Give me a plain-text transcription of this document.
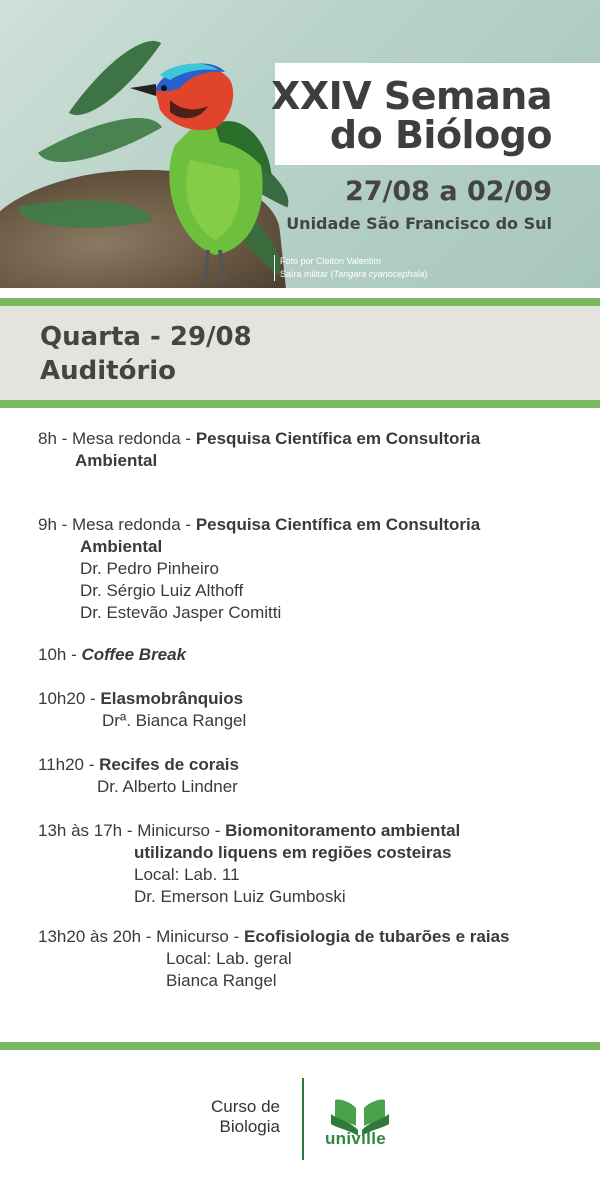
XXIV Semana
do Biólogo
27/08 a 02/09
Unidade São Francisco do Sul
Foto por Cleiton Valentim
Saíra militar (Tangara cyanocephala)
Quarta - 29/08
Auditório
8h - Mesa redonda - Pesquisa Científica em Consultoria
Ambiental
9h - Mesa redonda - Pesquisa Científica em Consultoria
Ambiental
Dr. Pedro Pinheiro
Dr. Sérgio Luiz Althoff
Dr. Estevão Jasper Comitti
10h - Coffee Break
10h20 - Elasmobrânquios
Drª. Bianca Rangel
11h20 - Recifes de corais
Dr. Alberto Lindner
13h às 17h - Minicurso - Biomonitoramento ambiental
utilizando liquens em regiões costeiras
Local: Lab. 11
Dr. Emerson Luiz Gumboski
13h20 às 20h - Minicurso - Ecofisiologia de tubarões e raias
Local: Lab. geral
Bianca Rangel
Curso de
Biologia
univille
